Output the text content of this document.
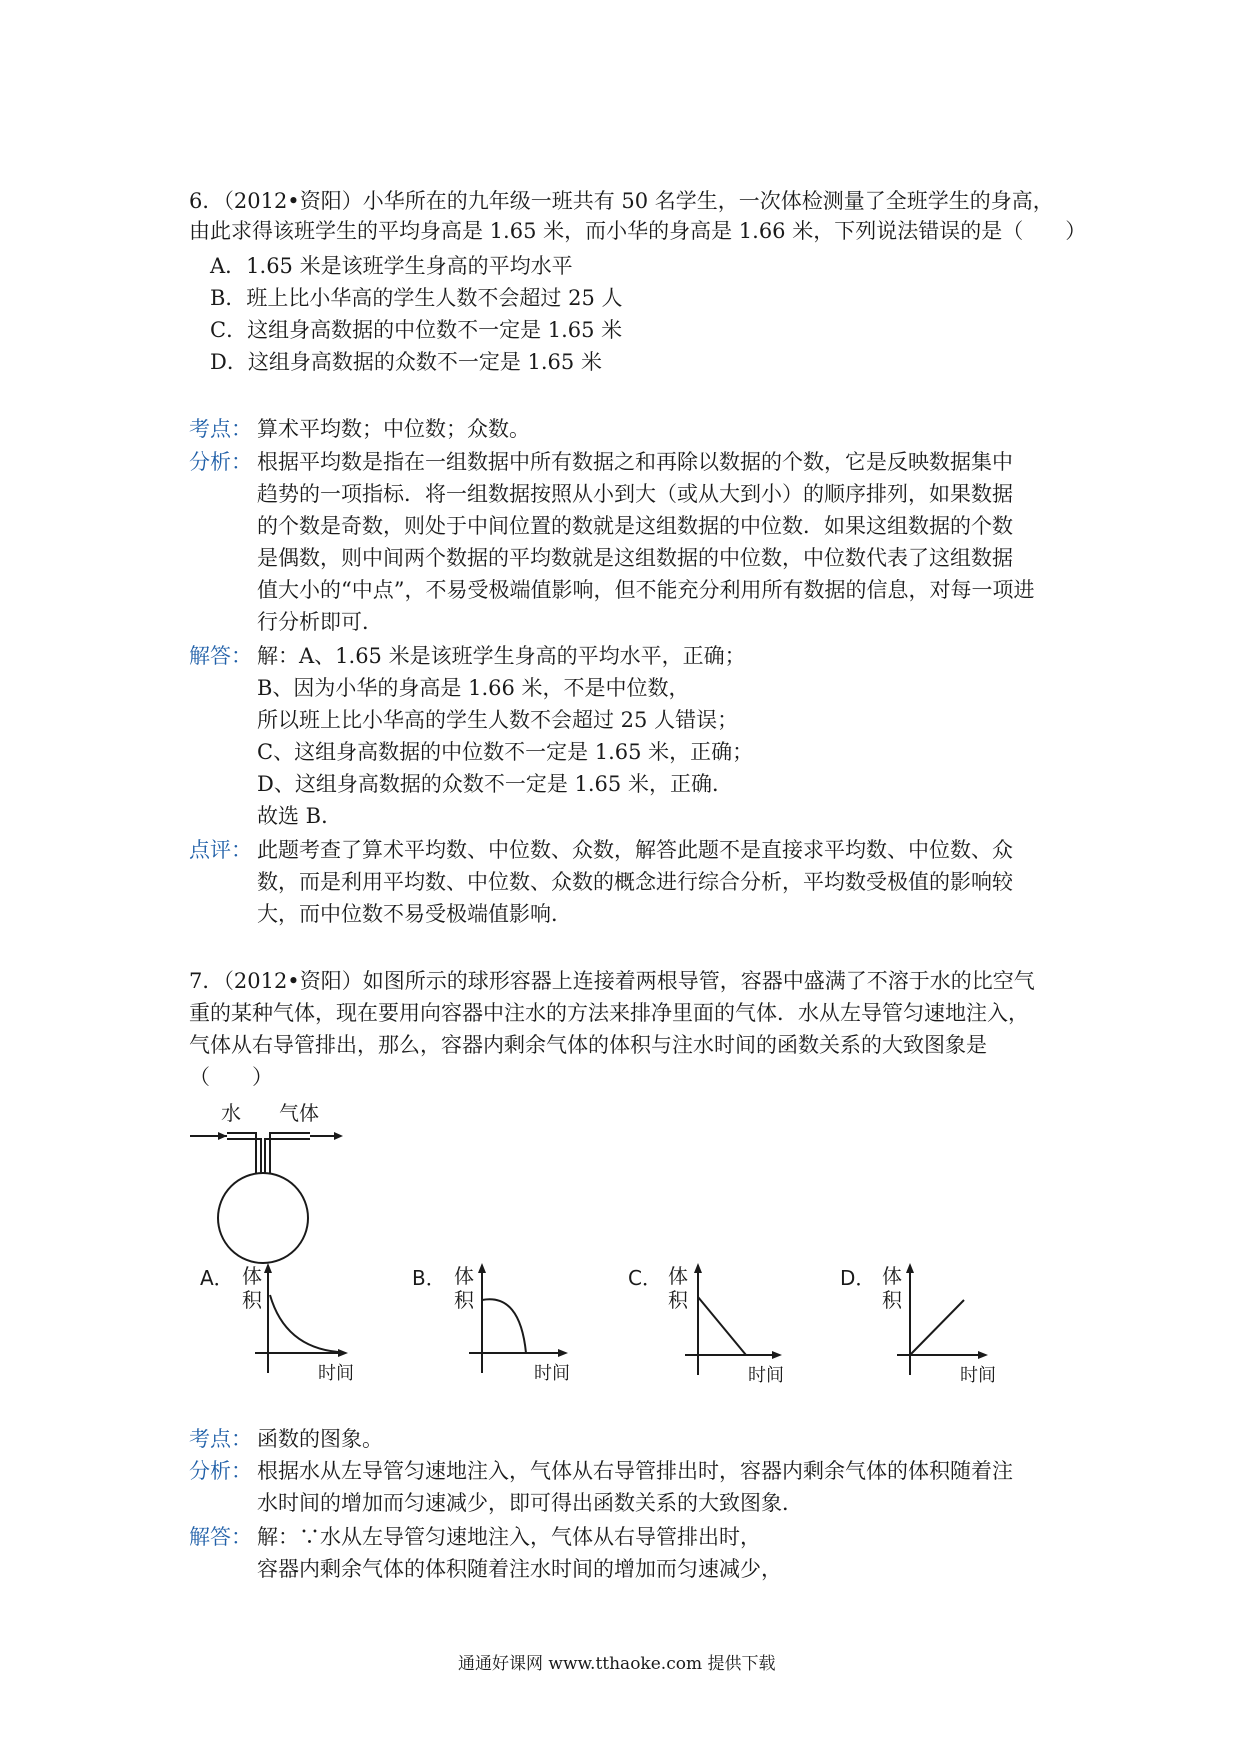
6．（2012•资阳）小华所在的九年级一班共有 50 名学生，一次体检测量了全班学生的身高，
由此求得该班学生的平均身高是 1.65 米，而小华的身高是 1.66 米，下列说法错误的是（　　）
A．1.65 米是该班学生身高的平均水平
B．班上比小华高的学生人数不会超过 25 人
C．这组身高数据的中位数不一定是 1.65 米
D．这组身高数据的众数不一定是 1.65 米
考点： 算术平均数；中位数；众数。
分析： 根据平均数是指在一组数据中所有数据之和再除以数据的个数，它是反映数据集中
趋势的一项指标．将一组数据按照从小到大（或从大到小）的顺序排列，如果数据
的个数是奇数，则处于中间位置的数就是这组数据的中位数．如果这组数据的个数
是偶数，则中间两个数据的平均数就是这组数据的中位数，中位数代表了这组数据
值大小的“中点”，不易受极端值影响，但不能充分利用所有数据的信息，对每一项进
行分析即可．
解答： 解：A、1.65 米是该班学生身高的平均水平，正确；
B、因为小华的身高是 1.66 米，不是中位数，
所以班上比小华高的学生人数不会超过 25 人错误；
C、这组身高数据的中位数不一定是 1.65 米，正确；
D、这组身高数据的众数不一定是 1.65 米，正确．
故选 B．
点评： 此题考查了算术平均数、中位数、众数，解答此题不是直接求平均数、中位数、众
数，而是利用平均数、中位数、众数的概念进行综合分析，平均数受极值的影响较
大，而中位数不易受极端值影响．
7．（2012•资阳）如图所示的球形容器上连接着两根导管，容器中盛满了不溶于水的比空气
重的某种气体，现在要用向容器中注水的方法来排净里面的气体．水从左导管匀速地注入，
气体从右导管排出，那么，容器内剩余气体的体积与注水时间的函数关系的大致图象是
（　　）
水 气体
A． 体
积
时间
B． 体
积
时间
C． 体
积
时间
D． 体
积
时间
考点： 函数的图象。
分析： 根据水从左导管匀速地注入，气体从右导管排出时，容器内剩余气体的体积随着注
水时间的增加而匀速减少，即可得出函数关系的大致图象．
解答： 解：∵水从左导管匀速地注入，气体从右导管排出时，
容器内剩余气体的体积随着注水时间的增加而匀速减少，
通通好课网 www.tthaoke.com 提供下载
